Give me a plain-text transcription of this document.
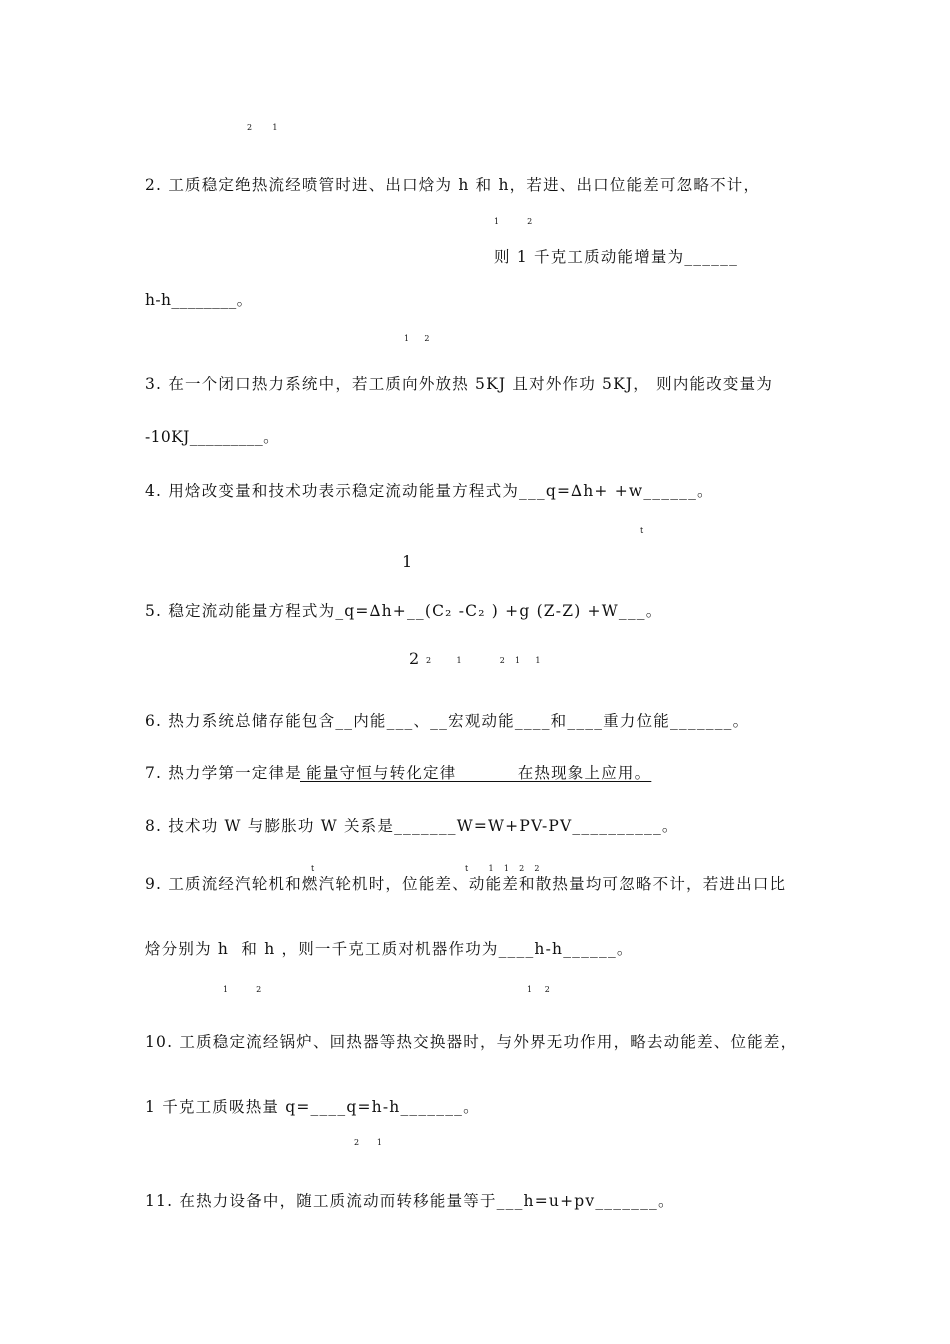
2        1
2. 工质稳定绝热流经喷管时进、出口焓为 h 和 h，若进、出口位能差可忽略不计，
1           2
则 1 千克工质动能增量为______
h-h________。
1      2
3. 在一个闭口热力系统中，若工质向外放热 5KJ 且对外作功 5KJ， 则内能改变量为
-10KJ_________。
4. 用焓改变量和技术功表示稳定流动能量方程式为___q=∆h+ +w______。
t
1
5. 稳定流动能量方程式为_q=∆h+__(C₂ -C₂ ) +g (Z-Z) +W___。
2 2          1               2    1      1
6. 热力系统总储存能包含__内能___、__宏观动能____和____重力位能_______。
7. 热力学第一定律是
能量守恒与转化定律          在热现象上应用。
8. 技术功 W 与膨胀功 W 关系是_______W=W+PV-PV__________。
t	t        1    1    2    2
9. 工质流经汽轮机和燃汽轮机时，位能差、动能差和散热量均可忽略不计，若进出口比
焓分别为 h  和 h ，则一千克工质对机器作功为____h-h______。
1           2	1     2
10. 工质稳定流经锅炉、回热器等热交换器时，与外界无功作用，略去动能差、位能差，
1 千克工质吸热量 q=____q=h-h_______。
2       1
11. 在热力设备中，随工质流动而转移能量等于___h=u+pv_______。
